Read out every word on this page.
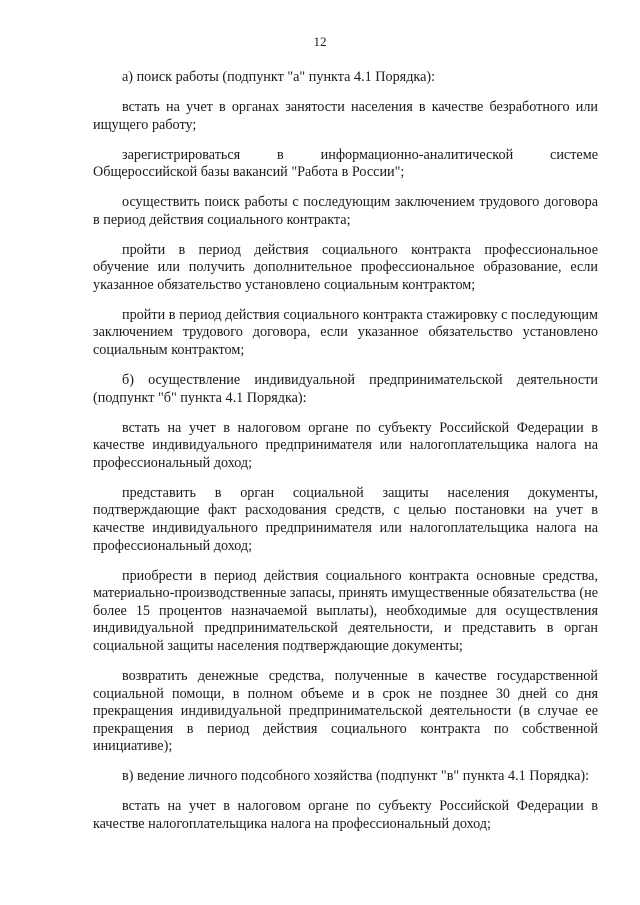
12

а) поиск работы (подпункт "а" пункта 4.1 Порядка):

встать на учет в органах занятости населения в качестве безработного или ищущего работу;

зарегистрироваться в информационно-аналитической системе Общероссийской базы вакансий "Работа в России";

осуществить поиск работы с последующим заключением трудового договора в период действия социального контракта;

пройти в период действия социального контракта профессиональное обучение или получить дополнительное профессиональное образование, если указанное обязательство установлено социальным контрактом;

пройти в период действия социального контракта стажировку с последующим заключением трудового договора, если указанное обязательство установлено социальным контрактом;

б) осуществление индивидуальной предпринимательской деятельности (подпункт "б" пункта 4.1 Порядка):

встать на учет в налоговом органе по субъекту Российской Федерации в качестве индивидуального предпринимателя или налогоплательщика налога на профессиональный доход;

представить в орган социальной защиты населения документы, подтверждающие факт расходования средств, с целью постановки на учет в качестве индивидуального предпринимателя или налогоплательщика налога на профессиональный доход;

приобрести в период действия социального контракта основные средства, материально-производственные запасы, принять имущественные обязательства (не более 15 процентов назначаемой выплаты), необходимые для осуществления индивидуальной предпринимательской деятельности, и представить в орган социальной защиты населения подтверждающие документы;

возвратить денежные средства, полученные в качестве государственной социальной помощи, в полном объеме и в срок не позднее 30 дней со дня прекращения индивидуальной предпринимательской деятельности (в случае ее прекращения в период действия социального контракта по собственной инициативе);

в) ведение личного подсобного хозяйства (подпункт "в" пункта 4.1 Порядка):

встать на учет в налоговом органе по субъекту Российской Федерации в качестве налогоплательщика налога на профессиональный доход;
